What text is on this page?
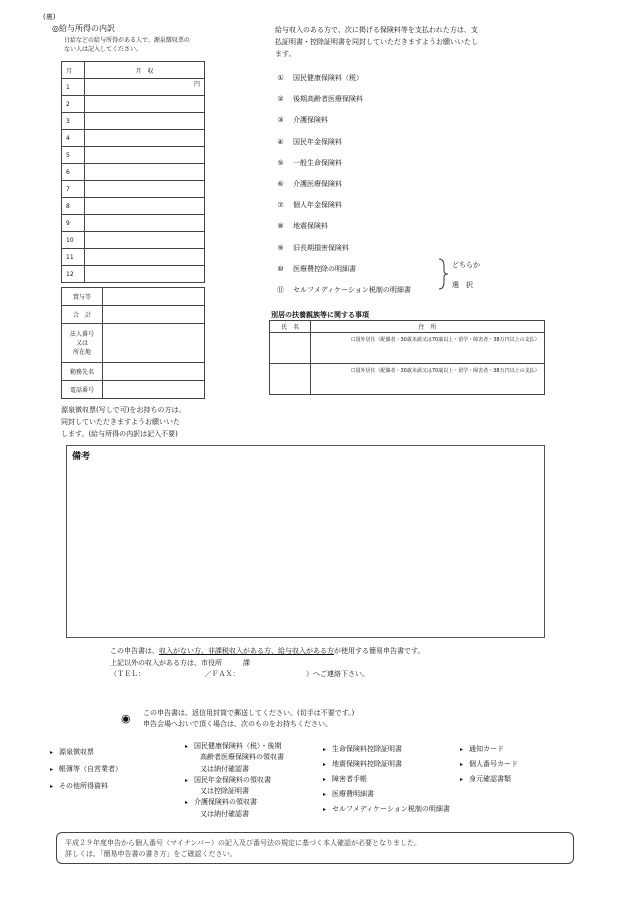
(裏)
◎給与所得の内訳
日給などの給与所得がある人で、源泉徴収票の
ない人は記入してください。
月	月　収
1	円
2	
3	
4	
5	
6	
7	
8	
9	
10	
11	
12	
賞与等	
合　計	
法人番号
又は
所在地	
勤務先名	
電話番号	
源泉徴収票(写しで可)をお持ちの方は、
同封していただきますようお願いいた
します。(給与所得の内訳は記入不要)
給与収入のある方で、次に掲げる保険料等を支払われた方は、支
払証明書・控除証明書を同封していただきますようお願いいたし
ます。
①　 国民健康保険料（税）
②　 後期高齢者医療保険料
③　 介護保険料
④　 国民年金保険料
⑤　 一般生命保険料
⑥　 介護医療保険料
⑦　 個人年金保険料
⑧　 地震保険料
⑨　 旧長期損害保険料
⑩　 医療費控除の明細書
⑪　 セルフメディケーション税制の明細書
どちらか
選　択
別居の扶養親族等に関する事項
氏　名	住　所
	☐国外居住（配偶者・30歳未満又は70歳以上・留学・障害者・38万円以上の支払）
	☐国外居住（配偶者・30歳未満又は70歳以上・留学・障害者・38万円以上の支払）
備考
この申告書は、収入がない方、非課税収入がある方、給与収入がある方が使用する簡易申告書です。
上記以外の収入がある方は、市役所　　　課
（ＴＥＬ：　　　　　　　　　／ＦＡＸ：　　　　　　　　　　）へご連絡下さい。
◉ この申告書は、返信用封筒で郵送してください。(切手は不要です。)
申告会場へおいで頂く場合は、次のものをお持ちください。
▸ 源泉徴収票
▸ 帳簿等（自営業者）
▸ その他所得資料
▸ 国民健康保険料（税）・後期
高齢者医療保険料の領収書
又は納付確認書
▸ 国民年金保険料の領収書
又は控除証明書
▸ 介護保険料の領収書
又は納付確認書
▸ 生命保険料控除証明書
▸ 地震保険料控除証明書
▸ 障害者手帳
▸ 医療費明細書
▸ セルフメディケーション税制の明細書
▸ 通知カード
▸ 個人番号カード
▸ 身元確認書類
平成２９年度申告から個人番号（マイナンバー）の記入及び番号法の規定に基づく本人確認が必要となりました。
詳しくは、「簡易申告書の書き方」をご確認ください。
